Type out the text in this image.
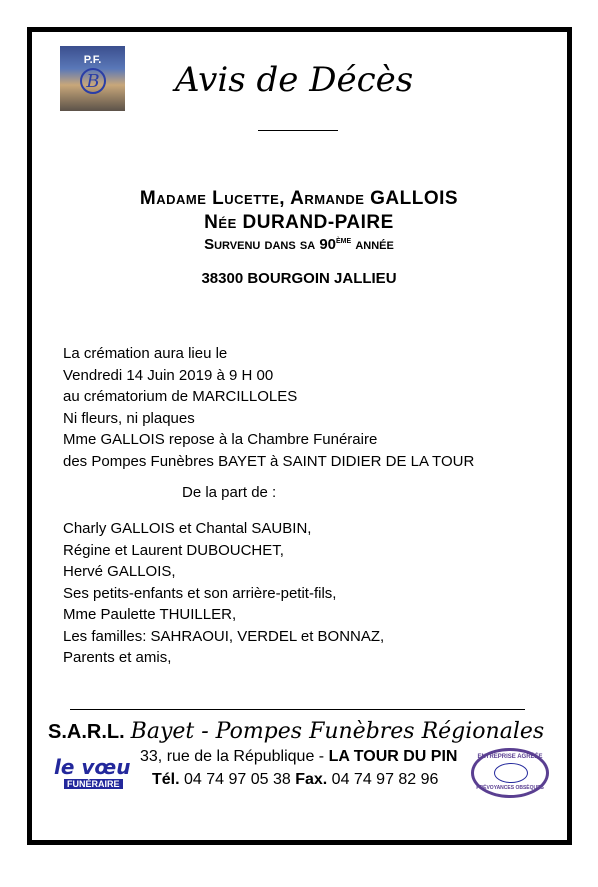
P.F.
B Avis de Décès
Madame Lucette, Armande GALLOIS
Née DURAND-PAIRE
Survenu dans sa 90ème année
38300 BOURGOIN JALLIEU
La crémation aura lieu le
Vendredi 14 Juin 2019 à 9 H 00
au crématorium de MARCILLOLES
Ni fleurs, ni plaques
Mme GALLOIS repose à la Chambre Funéraire
des Pompes Funèbres BAYET à SAINT DIDIER DE LA TOUR
De la part de :
Charly GALLOIS et Chantal SAUBIN,
Régine et Laurent DUBOUCHET,
Hervé GALLOIS,
Ses petits-enfants et son arrière-petit-fils,
Mme Paulette THUILLER,
Les familles: SAHRAOUI, VERDEL et BONNAZ,
Parents et amis,
S.A.R.L. Bayet - Pompes Funèbres Régionales
33, rue de la République - LA TOUR DU PIN
Tél. 04 74 97 05 38 Fax. 04 74 97 82 96
le vœu
FUNÉRAIRE
ENTREPRISE AGRÉÉE
PRÉVOYANCES OBSÈQUES
